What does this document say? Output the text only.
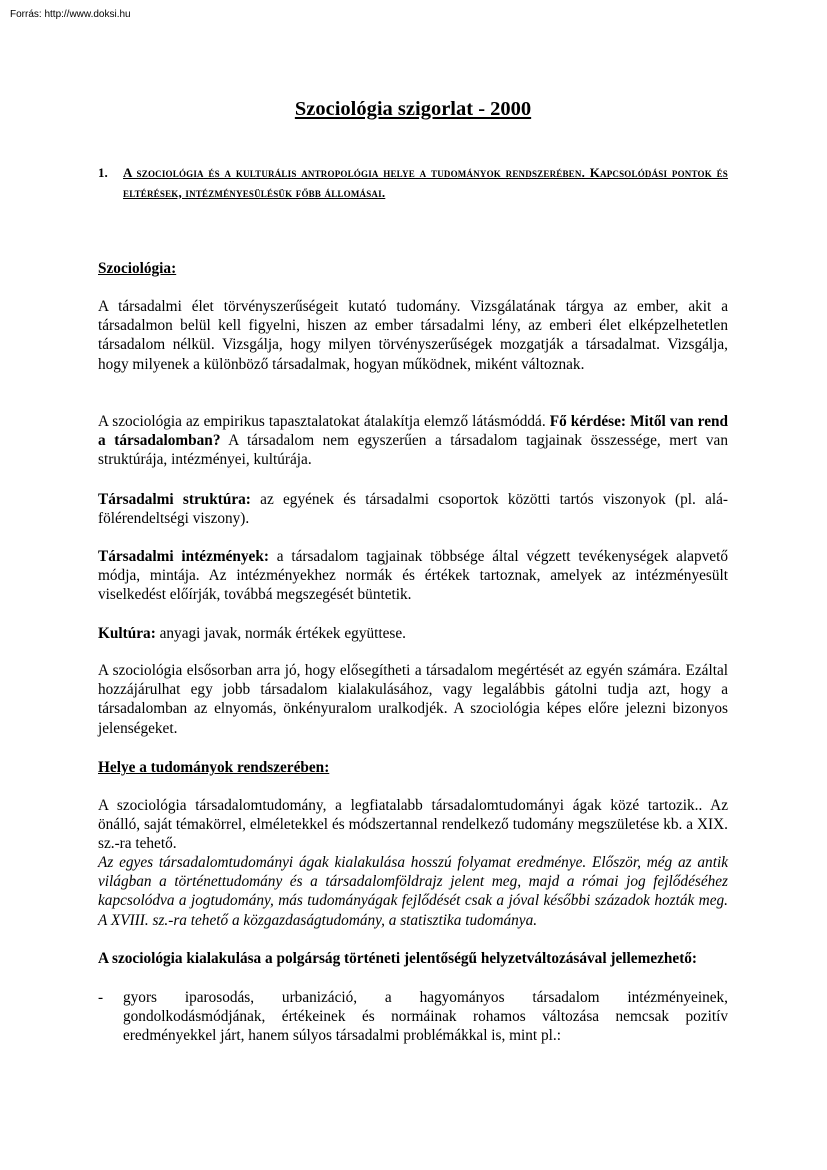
Forrás: http://www.doksi.hu
Szociológia szigorlat - 2000
1. A szociológia és a kulturális antropológia helye a tudományok rendszerében. Kapcsolódási pontok és eltérések, intézményesülésük főbb állomásai.

Szociológia:

A társadalmi élet törvényszerűségeit kutató tudomány. Vizsgálatának tárgya az ember, akit a társadalmon belül kell figyelni, hiszen az ember társadalmi lény, az emberi élet elképzelhetetlen társadalom nélkül. Vizsgálja, hogy milyen törvényszerűségek mozgatják a társadalmat. Vizsgálja, hogy milyenek a különböző társadalmak, hogyan működnek, miként változnak.

A szociológia az empirikus tapasztalatokat átalakítja elemző látásmóddá. Fő kérdése: Mitől van rend a társadalomban? A társadalom nem egyszerűen a társadalom tagjainak összessége, mert van struktúrája, intézményei, kultúrája.

Társadalmi struktúra: az egyének és társadalmi csoportok közötti tartós viszonyok (pl. alá-fölérendeltségi viszony).

Társadalmi intézmények: a társadalom tagjainak többsége által végzett tevékenységek alapvető módja, mintája. Az intézményekhez normák és értékek tartoznak, amelyek az intézményesült viselkedést előírják, továbbá megszegését büntetik.

Kultúra: anyagi javak, normák értékek együttese.

A szociológia elsősorban arra jó, hogy elősegítheti a társadalom megértését az egyén számára. Ezáltal hozzájárulhat egy jobb társadalom kialakulásához, vagy legalábbis gátolni tudja azt, hogy a társadalomban az elnyomás, önkényuralom uralkodjék. A szociológia képes előre jelezni bizonyos jelenségeket.

Helye a tudományok rendszerében:

A szociológia társadalomtudomány, a legfiatalabb társadalomtudományi ágak közé tartozik.. Az önálló, saját témakörrel, elméletekkel és módszertannal rendelkező tudomány megszületése kb. a XIX. sz.-ra tehető.

Az egyes társadalomtudományi ágak kialakulása hosszú folyamat eredménye. Először, még az antik világban a történettudomány és a társadalomföldrajz jelent meg, majd a római jog fejlődéséhez kapcsolódva a jogtudomány, más tudományágak fejlődését csak a jóval későbbi századok hozták meg. A XVIII. sz.-ra tehető a közgazdaságtudomány, a statisztika tudománya.

A szociológia kialakulása a polgárság történeti jelentőségű helyzetváltozásával jellemezhető:

- gyors iparosodás, urbanizáció, a hagyományos társadalom intézményeinek, gondolkodásmódjának, értékeinek és normáinak rohamos változása nemcsak pozitív eredményekkel járt, hanem súlyos társadalmi problémákkal is, mint pl.:
